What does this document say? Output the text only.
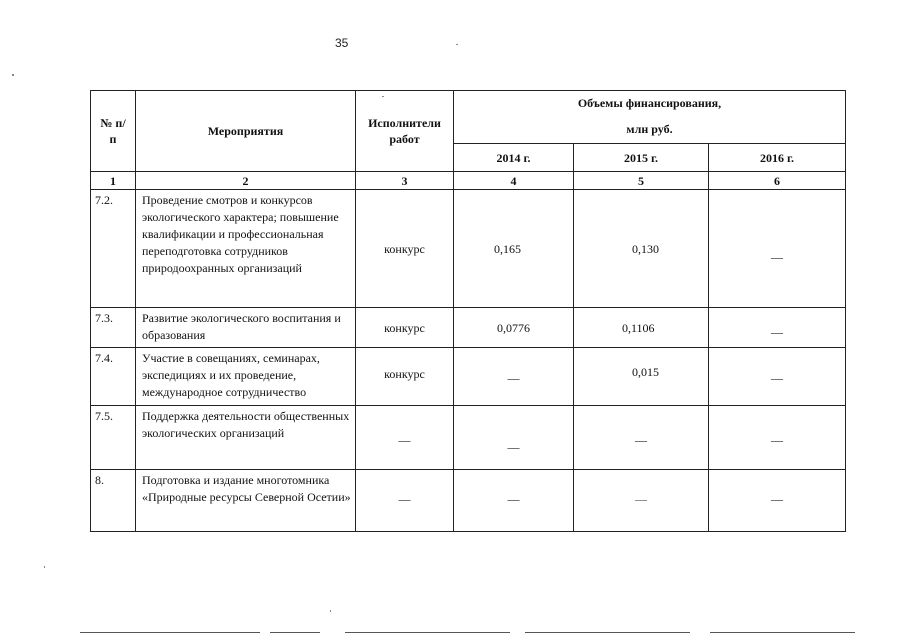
35
№ п/п	Мероприятия	Исполнители работ	Объемы финансирования,
млн руб.		

			2014 г.	2015 г.	2016 г.
1	2	3	4	5	6
7.2.	Проведение смотров и конкурсов экологического характера; повышение квалификации и профессиональная переподготовка сотрудников природоохранных организаций	конкурс	0,165	0,130	—
7.3.	Развитие экологического воспитания и образования	конкурс	0,0776	0,1106	—
7.4.	Участие в совещаниях, семинарах, экспедициях и их проведение, международное сотрудничество	конкурс	—	0,015	—
7.5.	Поддержка деятельности общественных экологических организаций	—	—	—	—
8.	Подготовка и издание многотомника «Природные ресурсы Северной Осетии»	—	—	—	—
